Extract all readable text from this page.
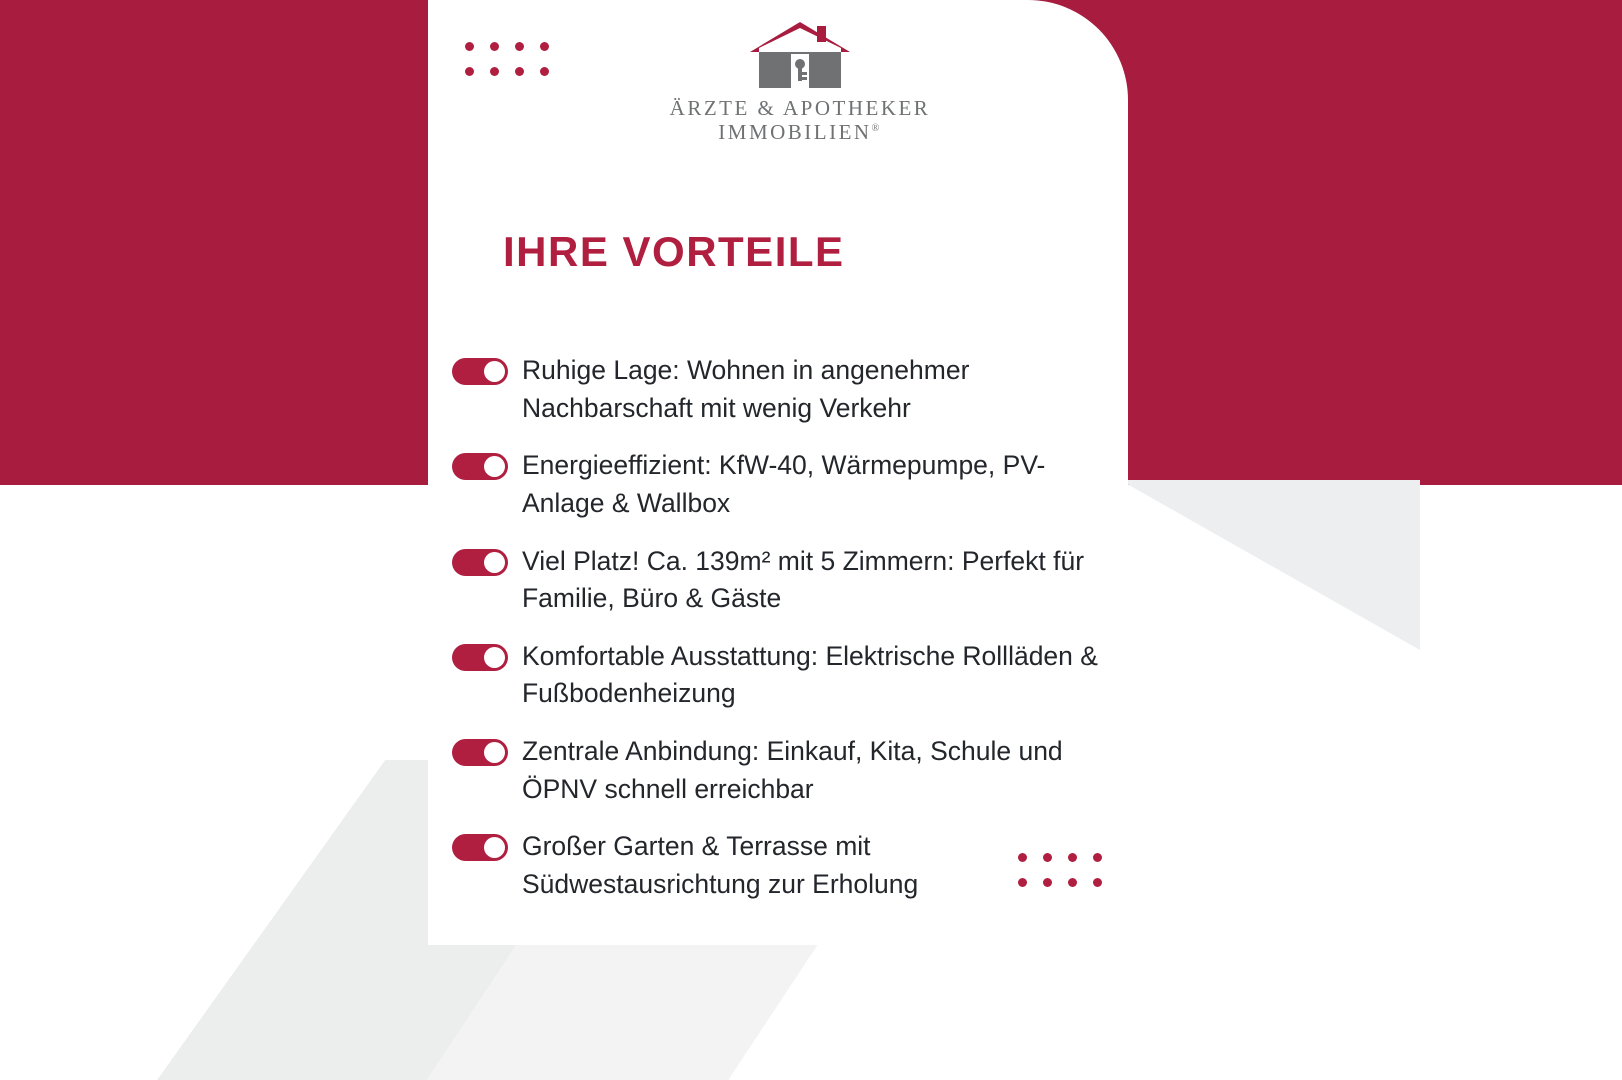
ÄRZTE & APOTHEKER
IMMOBILIEN®
IHRE VORTEILE
Ruhige Lage: Wohnen in angenehmer Nachbarschaft mit wenig Verkehr
Energieeffizient: KfW-40, Wärmepumpe, PV-Anlage & Wallbox
Viel Platz! Ca. 139m² mit 5 Zimmern: Perfekt für Familie, Büro & Gäste
Komfortable Ausstattung: Elektrische Rollläden & Fußbodenheizung
Zentrale Anbindung: Einkauf, Kita, Schule und ÖPNV schnell erreichbar
Großer Garten & Terrasse mit Südwestausrichtung zur Erholung
